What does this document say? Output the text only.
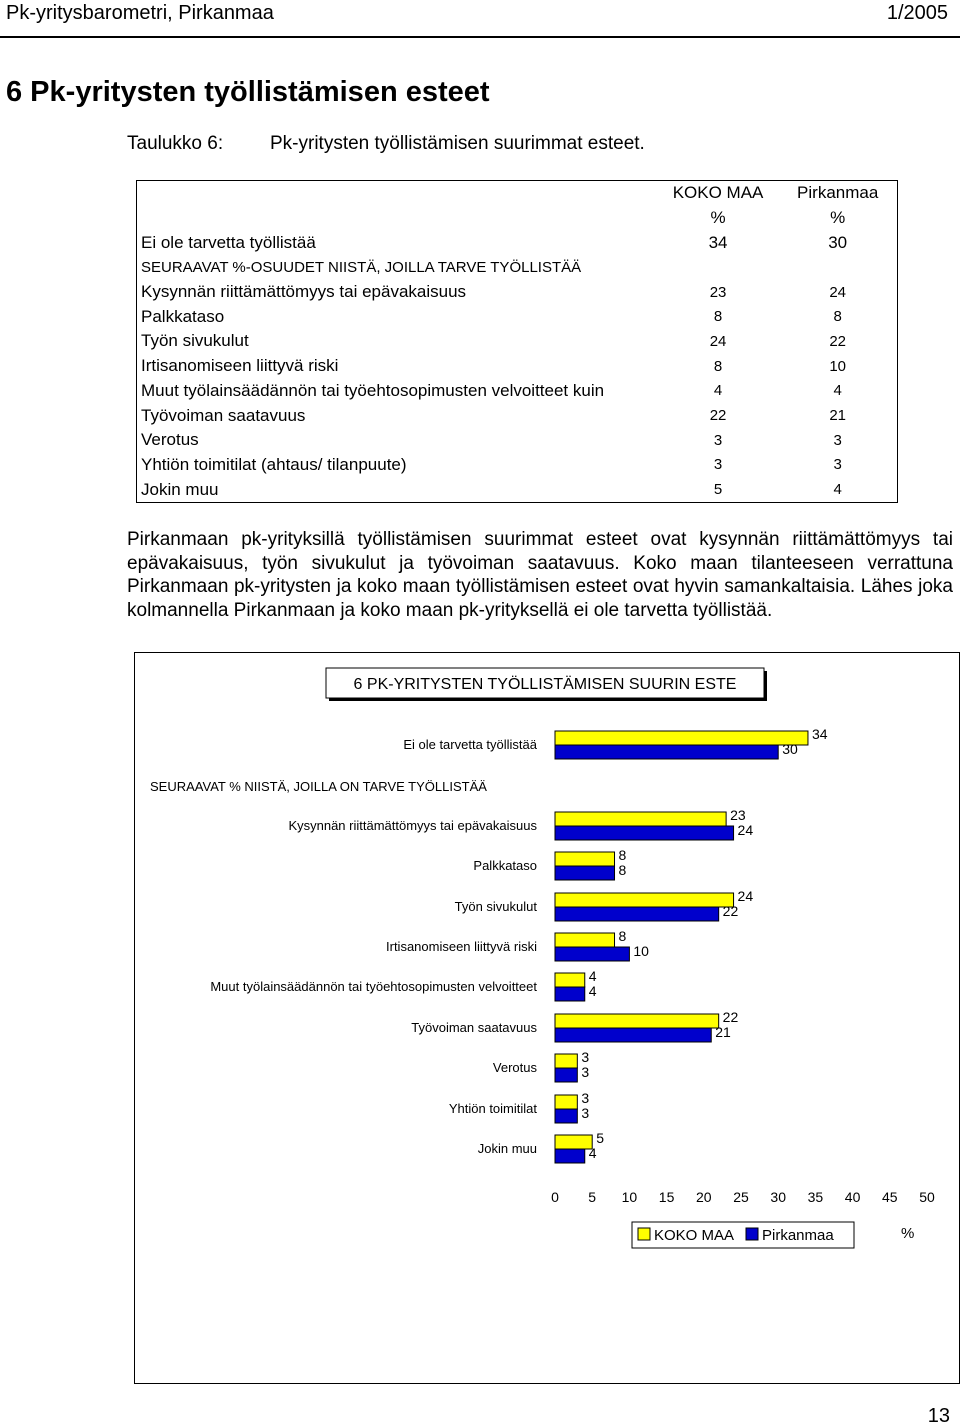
Pk-yritysbarometri, Pirkanmaa	1/2005
6 Pk-yritysten työllistämisen esteet
Taulukko 6: Pk-yritysten työllistämisen suurimmat esteet.
	KOKO MAA	Pirkanmaa
	%	%
Ei ole tarvetta työllistää	34	30
SEURAAVAT %-OSUUDET NIISTÄ, JOILLA TARVE TYÖLLISTÄÄ		
Kysynnän riittämättömyys tai epävakaisuus	23	24
Palkkataso	8	8
Työn sivukulut	24	22
Irtisanomiseen liittyvä riski	8	10
Muut työlainsäädännön tai työehtosopimusten velvoitteet kuin	4	4
Työvoiman saatavuus	22	21
Verotus	3	3
Yhtiön toimitilat (ahtaus/ tilanpuute)	3	3
Jokin muu	5	4
Pirkanmaan pk-yrityksillä työllistämisen suurimmat esteet ovat kysynnän riittämättömyys tai epävakaisuus, työn sivukulut ja työvoiman saatavuus. Koko maan tilanteeseen verrattuna Pirkanmaan pk-yritysten ja koko maan työllistämisen esteet ovat hyvin samankaltaisia. Lähes joka kolmannella Pirkanmaan ja koko maan pk-yrityksellä ei ole tarvetta työllistää.
6 PK-YRITYSTEN TYÖLLISTÄMISEN SUURIN ESTE
SEURAAVAT % NIISTÄ, JOILLA ON TARVE TYÖLLISTÄÄ
Ei ole tarvetta työllistää
34
30
Kysynnän riittämättömyys tai epävakaisuus
23
24
Palkkataso
8
8
Työn sivukulut
24
22
Irtisanomiseen liittyvä riski
8
10
Muut työlainsäädännön tai työehtosopimusten velvoitteet
4
4
Työvoiman saatavuus
22
21
Verotus
3
3
Yhtiön toimitilat
3
3
Jokin muu
5
4
0 5 10 15 20 25 30 35 40 45 50
KOKO MAA Pirkanmaa	%
13
